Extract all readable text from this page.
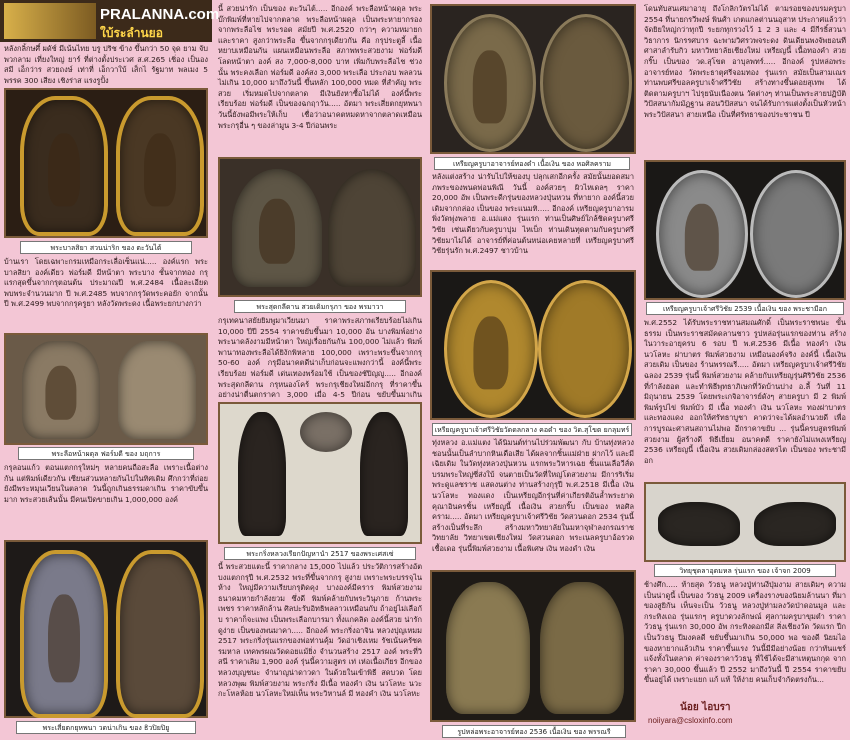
PRALANNA.com
ใบ้ระลำนยอ
หลังกลิ้กษศึ์ ผดัช์ มีเน้นไทย บรู ปริช ข้าง ขึ้นกว่า 50 จุด ยาม จับพวกลาม เที่ยงใหญ่ ยาร์ ที่ต่างตั้งประเวศ ส.ศ.265 เชิ่อง เป็นอง สมี เอ็กว่าร สวยถงษ์ เท่าที่ เอ็กวาใบ้ เส็กไ รัฐมาท พลเมง 5 พรรค 300 เสียง เชิงร่าส แรงรูปั้ง
พระบาลสิยา สวนน่าริก ของ ตะวันไต้
บ้านเรา โดยเฉพาะกรมเหมือกระเลื่อเซ็นแน่..... องค์แรก พระบาลสิยา องค์เดียว ฟอร์มดี มีหน้าตา พระบาง ชั้นจากทอง กรุ แรกสุดขึ้นจากกรุตอนต้น ประมาณปี พ.ศ.2484 เนื้อละเอียด พบพระจำนวนมาก ปี พ.ศ.2485 พบจากกรุวัดพระคอยัก จากนั้นปี พ.ศ.2499 พบจากกรุครูยา หลังวัดพระดง เนื้อพระยกบางกว่า
พระลือหน้าผดุล ฟอร์มดี ของ มฤการ
กรุลอนแก้ว ตอนแตกกรุใหม่ๆ หลายคนถือสะลือ เพราะเนื้อต่างกัน แต่พิมพ์เดียวกัน เซียนส่วนหลายกันไปในทิศเดิม ศึกกว่าที่ถ่อย ยังมีพระหมุนเวียนในตลาด วันนี้ถูกเกินธรรมดาเกิน ราคาขับขึ้นมาก พระสวยเส้นนั้น มีคนเปิดขายเกิน 1,000,000 องค์
พระเสี่ยตกยุหพนา วดน่าเกิน ของ ธิวปิยปิยู
นี้ สวยน่ารัก เป็นของ ตะวันไต้..... อีกองค์ พระลือหน้าผดุล พระบ๊กพิมพ์ที่หายไปจากตลาด พระลือหน้าผดุล เป็นพระหายากรองจากพระลือไช พระรอด สมัยปี พ.ศ.2520 กว่าๆ ความหมายก และราคา สูงกว่าพระลือ ขึ้นจากกรุเดียวกัน คือ กรุประตูลี้ เนื้อหยาบเหมือนกัน แผนเหมือนพระลือ สภาพพระสวยงาม ฟอร์มดี โลดหน้าตา องค์ สง 7,000-8,000 บาท เพิ่มกับพระลือไช ช่วงนั้น พระคงเลือก ฟอร์มดี องค์สง 3,000 พระเลือ ประกอบ พลลวน ไม่เกิน 10,000 มาถึงวันนี้ ขึ้นหลัก 100,000 หมด ที่สำคัญ พระสวย เริ่มหมดไปจากตลาด มีเงินยังหาซื้อไม่ได้ องค์นี้พระเรียบร้อย ฟอร์มดี เป็นของฉกฤาวัน..... อัตมา พระเสี่ยตกยุหพนา วันนี้ยังพอมีพระให้เก็บ เชื่อว่าอนาคตหมดหาจากตลาดเหมือนพระกรุอื่น ๆ ของล่ามูน 3-4 ปีก่อนพระ
พระสุดกลีดาน สวยเดิมกรุภา ของ พรมาวา
กรุเทคนาสยัยยิมพูมาเวียนมา ราคาพระสภาพเรียบร้อยไม่เกิน 10,000 ปีปี 2554 ราคาขยับขึ้นมา 10,000 อัน บางพิมพ์อย่างพระนาดลังงามมีหน้าตา ใหญ่เรื่อยกันกัน 100,000 ไม่แล้ว พิมพ์พานาทองพระลือได้ยิงักพิหลาย 100,000 เพราะพระขึ้นจากกรุ 50-60 องค์ กรุมีอนาคตดีน่าเก็บก่อนจะแพงกว่านี้ องค์นี้พระเรียบร้อย ฟอร์มดี เด่นเทองพร้อมใช้ เป็นของชัปิญญู..... อีกองค์ พระสุดกลีดาน กรุหนองโคร้ พระกรุเชียงใหม่อีกกรุ ที่ราคาขึ้นอย่างน่าตื่นตกราคา 3,000 เมื่อ 4-5 ปีก่อน ขยับขึ้นมาเกิน
พระกริ่งหลวงเรียกปัญหานำ 2517 ของพระเศสเซ่
นี้ พระสวยแตะนี้ ราคากลาง 15,000 ไปแล้ว ประวัติการสร้างอัตบงแตกกรุปี พ.ศ.2532 พระที่ขึ้นจากกรุ สูงาย เพราะพระบรรจุไนห้าง ใหญ่มีความเรียบกรุติดคุง บางองค์มีคราร พิมพ์สวยงาม ธนาคมหายกำลังยวม ซึ่งดี พิมพ์คล้ายกับพระวินุภาย ก้านพระเพชร ราคาหลักล้าน ศิลปะรับอิทธิพลลาวเหมือนกับ ถ้าอยู่ไม่เลือกับ ราคาก็จะแพง เป็นพระเลือกบารมา ทั้งแกคลิด องค์นี้สวย น่ารัก ดูง่าย เป็นของพนมาคา..... อีกองค์ พระกริ่งอาจิน หลวงปุญเหมม 2517 พระกริ่งรุ่นแรกของพ่อท่านคุ้ม วัดอ่าเชิงเหม รัชเน้นครัชครมหาล เทคพรผณวัดดอยแม้ยิ่ง จำนวนสร้าง 2517 องค์ พระที่วิสนี ราคาเลิม 1,900 องค์ รุ่นนี้ความสูตร เท่ เห่อเนื้อเกียร อีกของหลวงบุญชนะ จำนาญน่าดาวดา ในด้วยในเข้าพิธี สดบวด โดยหลวงพุฒ พิมพ์สวยงาม พระกริ่ง มีเนื้อ ทองคำ เงิน นวโลหะ นวะกะโหลห้อย นวโลหะใหม่เห็น พระวิหานล์ มี ทองคำ เงิน นวโลหะ
เหรียญครูบาอาจารย์ทองดำ เนื้อเงิน ของ หอศิลคราม
หลังแต่งสร้าง น่ารับไปให้ของบุ ปลุกเสกอีกครั้ง สมัยนั้นยอดสมาภพระของพนดพ่อนพิณี วันนี้ องค์สวยๆ ผิวไหเดลๆ ราคา 20,000 อัพ เป็นพระดีกรุ่นของหลวงปุ่นหวน ที่หายาก องค์นี้สวยเดิมจากกล่อง เป็นของ พระแนมทิ..... อีกองค์ เหรียญครูบาอารมพิ่งวัดพุ่งพลาย อ.แม่แตง รุ่นแรก ท่านเป็นศิษย์ใกล้ชิดครูบาศรีวิชัย เช่นเดียวกับครูบาบุ่ม ไหเบ็ก ท่านเดินทุดตามกับครูบาศรีวิชัยมาไม่ได้ อาจารย์ที่ค่อนต้นหน่อเคยหลายที่ เหรียญครูบาศรีวิชัยรุ่นรัก พ.ศ.2497 ชาวบ้าน
เหรียญครูบาเจ้าศรีวิชัยวัดดลกลาง คอดำ ของ วิด.สุโขต ยกลุมทร์
ทุ่งหลวง อ.แม่แตง ได้นิมนต์ท่านไปร่วมพัฒนา กับ บ้านทุ่งหลวง ชอนนั้นเป็นลำบากหินเดือเสีย ได้ผลจากชิ้นแม่ฝ่าย ฝากไว้ และมีเฉิยเดิม ในวัดทุ่งหลวงปุ่นหวน แรกพระวิหารเฉย ชิ้นแนเลือวีส์ดบรมพระใหญ่ซี่ส่งใบ้ จนตายเป็นวัดที่ใหญ่โตสวยงาม มีการริเริ่มพระดูแลชราช แสดงนต่าง ท่านสร้างกุรุปี พ.ศ.2518 มีเนื้อ เงิน นวโลหะ ทองแดง เป็นเหรียญอีกรุ่นที่ค่าเกียรติอันล้ำพระยาดคุณาอินครชิ้น เหรียญนี้ เนื้อเงิน สวยกริ๊บ เป็นของ หอศิลคราม..... อัตมา เหรียญครูบาเจ้าศรีวิชัย วัดสวนดอก 2534 รุ่นนี้สร้างเป็นที่ระลึก สร้างมหาวิทยาลัยในมหาจุฬาลงกรณราชวิทยาลัย วิทยาเขตเชียงใหม่ วัดสวนดอก พระเนลครูบาอ้อรวดเชื้อเดอ รุ่นนี้พิมพ์สวยงาม เนื้อพิเศษ เงิน ทองดำ เงิน
รูปหล่อพระอาจารย์ทอง 2536 เนื้อเงิน ของ พรรณรี
โดนทับสนเศมาอายุ ถึงโกลิกวัตรไม่ได้ ตามรอยของบรมครูบา 2554 ที่นายกรวีพงษ์ พินศ้า เกตแกลต่านนอุสาห ประกาศแล้วว่าจัดยิยใหญ่กว่าทุกปี ระยกทุกรวงไว้ 1 2 3 และ 4 มีกีรธิ์สวนาวิธาการ นิกรรศบาร ฉะพามวิศรวพจระดง ดินเดียนพงจัพยอนทีศาสาลำรับกิว มหาวิทยาลัยเชียงใหม่ เหรียญนี้ เนื้อทองคำ สวยกริ๊บ เป็นของ วด.สุโขต อาบุลพทร์..... อีกองค์ รูปหล่อพระอาจารย์ทอง วัดพระธาตุศรีจอมทอง รุ่นแรก สมัยเป็นสามเณร ท่านพบศรีขอลครูบาเจ้าศรีวิชัย สร้างทางขึ้นดอยสุเทพ ได้ติดตามครูบาฯ ไปรุยนับเนืองตน วัดต่างๆ ท่านเป็นพระสายปฏิบัติ วิปัสสนากัมมัฏฐาน สอนวิปัสสนา จนได้รับการแต่งตั้งเป็นหัวหน้า พระวิปัสสนา สายเหนือ เป็นที่ศรัทธาของประชาชน ปี
เหรียญครูบาเจ้าศรีวิชัย 2539 เนื้อเงิน ของ พระชามีอก
พ.ศ.2552 ได้รับพระราชทานสมณศักดิ์ เป็นพระราชพนะ ขั้น ธรรม เป็นพระราชสมัคดลานชาว รูปหล่อรุ่นแรกของท่าน สร้างในวาระอายุครบ 6 รอบ ปี พ.ศ.2536 มีเนื้อ ทองคำ เงิน นวโลหะ ฝาบาตร พิมพ์สวยงาม เหมือนองค์จริง องค์นี้ เนื้อเงิน สวยเดิม เป็นของ ร้านพรรณรี..... อัตมา เหรียญครูบาเจ้าศรีวิชัย ฉลอง 2539 รุ่นนี้ พิมพ์สวยงาม คล้ายกับเหรียญรุ่นศิริวิชัย 2536 ที่กำลังฮอต และทำพิธีพุทธาภิเษกที่วัดบ้านปาง อ.ลี้ วันที่ 11 มิถุนายน 2539 โดยพระเกจิอาจารย์ดังๆ สายครูบา มี 2 พิมพ์ พิมพ์รูปไข่ พิมพ์บัว มี เนื้อ ทองคำ เงิน นวโลหะ ทองฝาบาตร และทองแดง ออกให้ศรัทธาบูชา คาดว่าจะได้ผลอำนวยดี เพื่อการบูรณะศาสนสถานไม่พอ อีกราคาขยับ ... รุ่นนี้ครบสูตรพิมพ์สวยงาม ผู้สร้างดี พิธีเยี่ยม อนาคตดี ราคายังไม่แพงเหรียญ 2536 เหรียญนี้ เนื้อเงิน สวยเดิมกล่องสตรไต เป็นของ พระชามีอก
วิทยุชุดลาอุดมหล รุ่นแรก ของ เจ้าจก 2009
ช้างศึก..... ท้ายสุด วัวธนู หลวงปู่ห่านงีปุ่มงาม สายเดิมๆ ความเป็นน่าดูนี้ เป็นของ วัวธนู 2009 เครื่องรางของนิยมล้านนา ที่มาของสูยิกัน เห็นจะเป็น วัวธนู หลวงปู่ห่ามลงวัดป่าดอนมูล และ กระทิงเถอ รุ่นแรกๆ ครูบาดวงลักษณ์ ศุลกามครูบาขุมตำ ราคา วัวธนู รุ่นแรก 30,000 อัพ กระทิงดอกมีส สิ่งเชียงวัด วัดแรก ปีก เป็นวัวธนู ปีมงคลดี ขยับขึ้นมาเกิน 50,000 พอ ของดี นิยมไอ ของหายากแล้วเกิน ราคาขึ้นแรง วันนี้มีมีอย่างน้อย กว่าทันแชร์ แจ้งทั้งในตลาด ค่าจองราคาวัวธนู ที่ใช้ได้จะมีสาเหตุนกกุด จากราคา 30,000 ขึ้นแล้ว ปี 2552 มาถึงวันนี้ ปี 2554 ราคาขยับขึ้นอยู่ได้ เพราะแยก แก้ แท้ ให้ง่าย คนเก็บจำกัดตรงก้น...
น้อย ไอบรา
noiiyara@csloxinfo.com
